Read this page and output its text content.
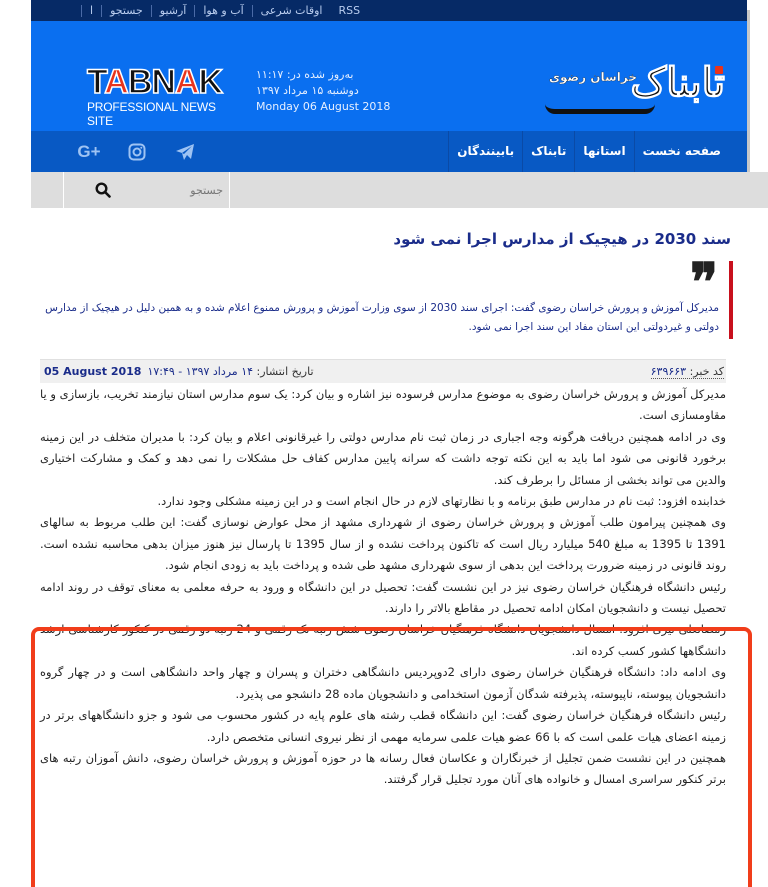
ا	جستجو	آرشیو	آب و هوا	اوقات شرعی	RSS
TABNAK
PROFESSIONAL NEWS SITE
به‌روز شده در: ۱۱:۱۷
دوشنبه ۱۵ مرداد ۱۳۹۷
Monday 06 August 2018
تابناک
خراسان رضوی
صفحه نخست
استانها
تابناک
بابینندگان
G+
جستجو
سند 2030 در هیچیک از مدارس اجرا نمی شود
❞
مدیرکل آموزش و پرورش خراسان رضوی گفت: اجرای سند 2030 از سوی وزارت آموزش و پرورش ممنوع اعلام شده و به همین دلیل در هیچیک از مدارس دولتی و غیردولتی این استان مفاد این سند اجرا نمی شود.
کد خبر: ۶۳۹۶۶۳
05 August 2018 ۱۴ مرداد ۱۳۹۷ - ۱۷:۴۹ تاریخ انتشار:

مدیرکل آموزش و پرورش خراسان رضوی به موضوع مدارس فرسوده نیز اشاره و بیان کرد: یک سوم مدارس استان نیازمند تخریب، بازسازی و یا مقاومسازی است.

وی در ادامه همچنین دریافت هرگونه وجه اجباری در زمان ثبت نام مدارس دولتی را غیرقانونی اعلام و بیان کرد: با مدیران متخلف در این زمینه برخورد قانونی می شود اما باید به این نکته توجه داشت که سرانه پایین مدارس کفاف حل مشکلات را نمی دهد و کمک و مشارکت اختیاری والدین می تواند بخشی از مسائل را برطرف کند.

خدابنده افزود: ثبت نام در مدارس طبق برنامه و با نظارتهای لازم در حال انجام است و در این زمینه مشکلی وجود ندارد.

وی همچنین پیرامون طلب آموزش و پرورش خراسان رضوی از شهرداری مشهد از محل عوارض نوسازی گفت: این طلب مربوط به سالهای 1391 تا 1395 به مبلغ 540 میلیارد ریال است که تاکنون پرداخت نشده و از سال 1395 تا پارسال نیز هنوز میزان بدهی محاسبه نشده است. روند قانونی در زمینه ضرورت پرداخت این بدهی از سوی شهرداری مشهد طی شده و پرداخت باید به زودی انجام شود.

رئیس دانشگاه فرهنگیان خراسان رضوی نیز در این نشست گفت: تحصیل در این دانشگاه و ورود به حرفه معلمی به معنای توقف در روند ادامه تحصیل نیست و دانشجویان امکان ادامه تحصیل در مقاطع بالاتر را دارند.

رمضانعلی نیری افزود: امسال دانشجویان دانشگاه فرهنگیان خراسان رضوی شش رتبه تک رقمی و 24 رتبه دو رقمی در کنکور کارشناسی ارشد دانشگاهها کشور کسب کرده اند.

وی ادامه داد: دانشگاه فرهنگیان خراسان رضوی دارای 2دوپردیس دانشگاهی دختران و پسران و چهار واحد دانشگاهی است و در چهار گروه دانشجویان پیوسته، ناپیوسته، پذیرفته شدگان آزمون استخدامی و دانشجویان ماده 28 دانشجو می پذیرد.

رئیس دانشگاه فرهنگیان خراسان رضوی گفت: این دانشگاه قطب رشته های علوم پایه در کشور محسوب می شود و جزو دانشگاههای برتر در زمینه اعضای هیات علمی است که با 66 عضو هیات علمی سرمایه مهمی از نظر نیروی انسانی متخصص دارد.

همچنین در این نشست ضمن تجلیل از خبرنگاران و عکاسان فعال رسانه ها در حوزه آموزش و پرورش خراسان رضوی، دانش آموزان رتبه های برتر کنکور سراسری امسال و خانواده های آنان مورد تجلیل قرار گرفتند.
